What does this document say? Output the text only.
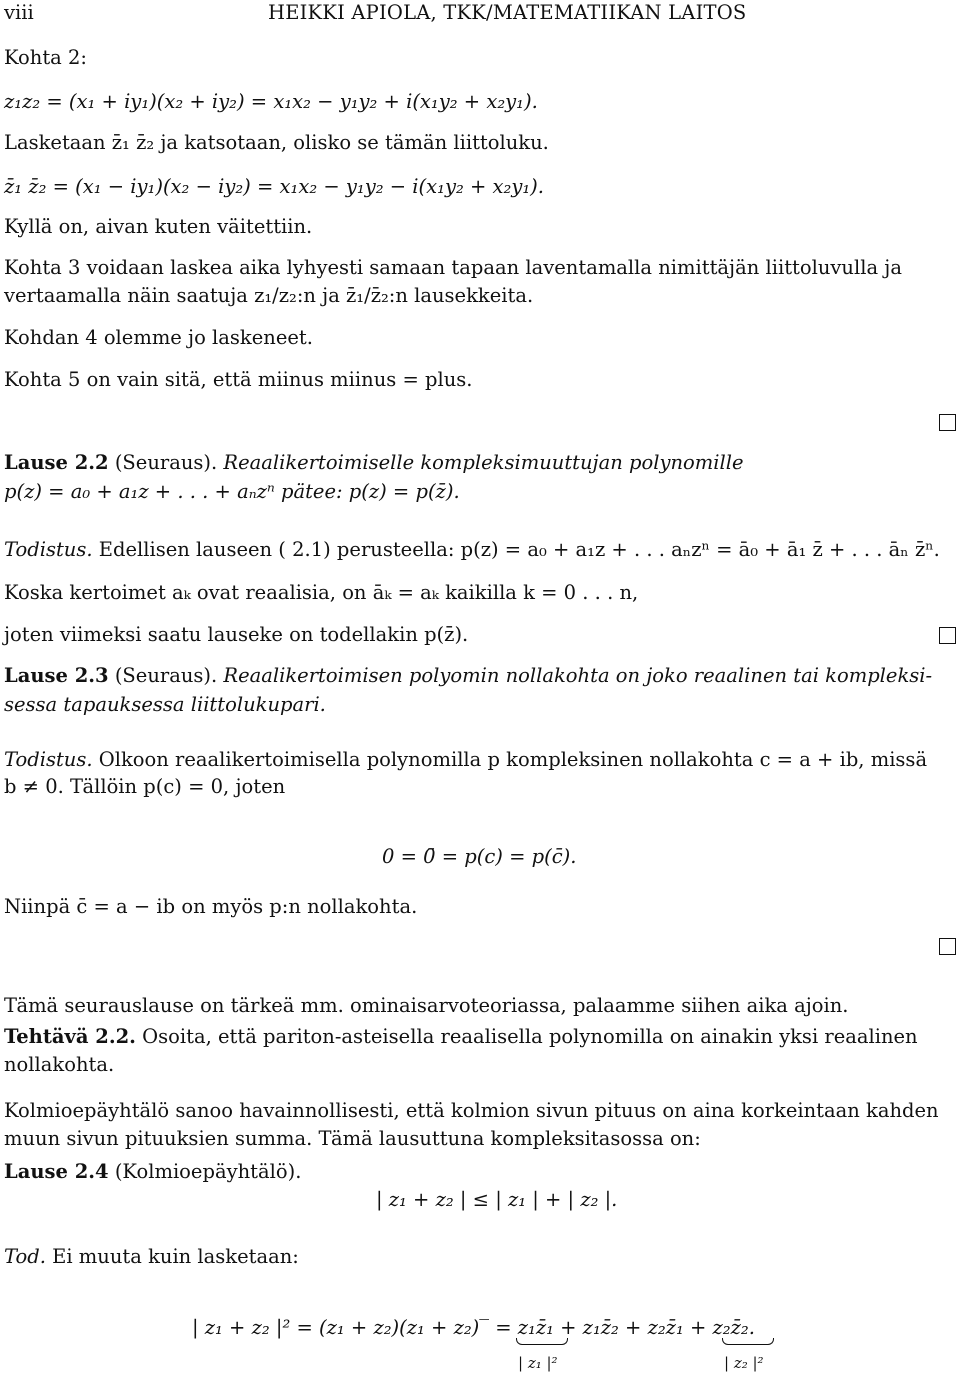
viii	HEIKKI APIOLA, TKK/MATEMATIIKAN LAITOS
Kohta 2:
z₁z₂ = (x₁ + iy₁)(x₂ + iy₂) = x₁x₂ − y₁y₂ + i(x₁y₂ + x₂y₁).
Lasketaan z̄₁ z̄₂ ja katsotaan, olisko se tämän liittoluku.
z̄₁ z̄₂ = (x₁ − iy₁)(x₂ − iy₂) = x₁x₂ − y₁y₂ − i(x₁y₂ + x₂y₁).
Kyllä on, aivan kuten väitettiin.
Kohta 3 voidaan laskea aika lyhyesti samaan tapaan laventamalla nimittäjän liittoluvulla ja
vertaamalla näin saatuja z₁/z₂:n ja z̄₁/z̄₂:n lausekkeita.
Kohdan 4 olemme jo laskeneet.
Kohta 5 on vain sitä, että miinus miinus = plus.
Lause 2.2 (Seuraus). Reaalikertoimiselle kompleksimuuttujan polynomille
p(z) = a₀ + a₁z + . . . + aₙzⁿ pätee: p(z) = p(z̄).
Todistus. Edellisen lauseen ( 2.1) perusteella: p(z) = a₀ + a₁z + . . . aₙzⁿ = ā₀ + ā₁ z̄ + . . . āₙ z̄ⁿ.
Koska kertoimet aₖ ovat reaalisia, on āₖ = aₖ kaikilla k = 0 . . . n,
joten viimeksi saatu lauseke on todellakin p(z̄).
Lause 2.3 (Seuraus). Reaalikertoimisen polyomin nollakohta on joko reaalinen tai kompleksi-
sessa tapauksessa liittolukupari.
Todistus. Olkoon reaalikertoimisella polynomilla p kompleksinen nollakohta c = a + ib, missä
b ≠ 0. Tällöin p(c) = 0, joten
0 = 0̄ = p(c) = p(c̄).
Niinpä c̄ = a − ib on myös p:n nollakohta.
Tämä seurauslause on tärkeä mm. ominaisarvoteoriassa, palaamme siihen aika ajoin.
Tehtävä 2.2. Osoita, että pariton-asteisella reaalisella polynomilla on ainakin yksi reaalinen
nollakohta.
Kolmioepäyhtälö sanoo havainnollisesti, että kolmion sivun pituus on aina korkeintaan kahden
muun sivun pituuksien summa. Tämä lausuttuna kompleksitasossa on:
Lause 2.4 (Kolmioepäyhtälö).
| z₁ + z₂ | ≤ | z₁ | + | z₂ |.
Tod. Ei muuta kuin lasketaan:
| z₁ + z₂ |² = (z₁ + z₂)(z₁ + z₂)‾ = z₁z̄₁ + z₁z̄₂ + z₂z̄₁ + z₂z̄₂.
| z₁ |²	| z₂ |²
